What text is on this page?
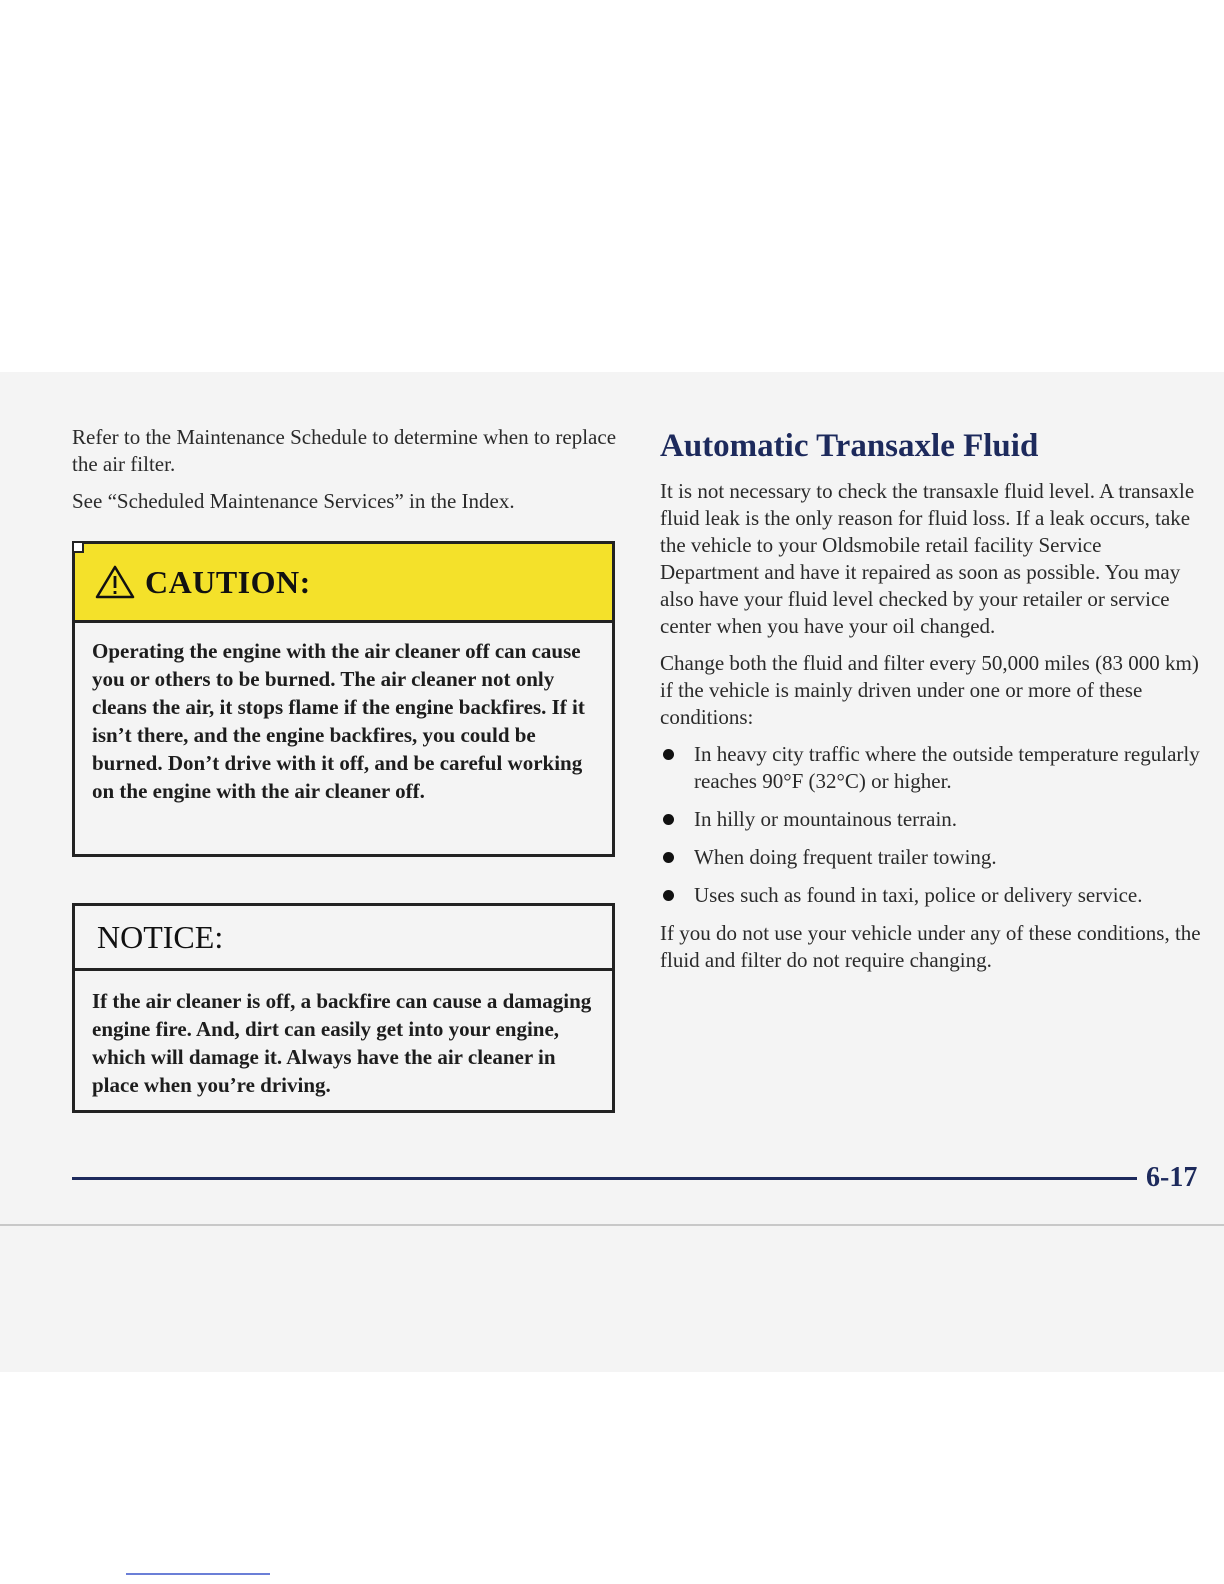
Refer to the Maintenance Schedule to determine when to replace the air filter.

See “Scheduled Maintenance Services” in the Index.

CAUTION:
Operating the engine with the air cleaner off can cause you or others to be burned. The air cleaner not only cleans the air, it stops flame if the engine backfires. If it isn’t there, and the engine backfires, you could be burned. Don’t drive with it off, and be careful working on the engine with the air cleaner off.
NOTICE:
If the air cleaner is off, a backfire can cause a damaging engine fire. And, dirt can easily get into your engine, which will damage it. Always have the air cleaner in place when you’re driving.
Automatic Transaxle Fluid

It is not necessary to check the transaxle fluid level. A transaxle fluid leak is the only reason for fluid loss. If a leak occurs, take the vehicle to your Oldsmobile retail facility Service Department and have it repaired as soon as possible. You may also have your fluid level checked by your retailer or service center when you have your oil changed.

Change both the fluid and filter every 50,000 miles (83 000 km) if the vehicle is mainly driven under one or more of these conditions:

In heavy city traffic where the outside temperature regularly reaches 90°F (32°C) or higher.
In hilly or mountainous terrain.
When doing frequent trailer towing.
Uses such as found in taxi, police or delivery service.

If you do not use your vehicle under any of these conditions, the fluid and filter do not require changing.

6-17
